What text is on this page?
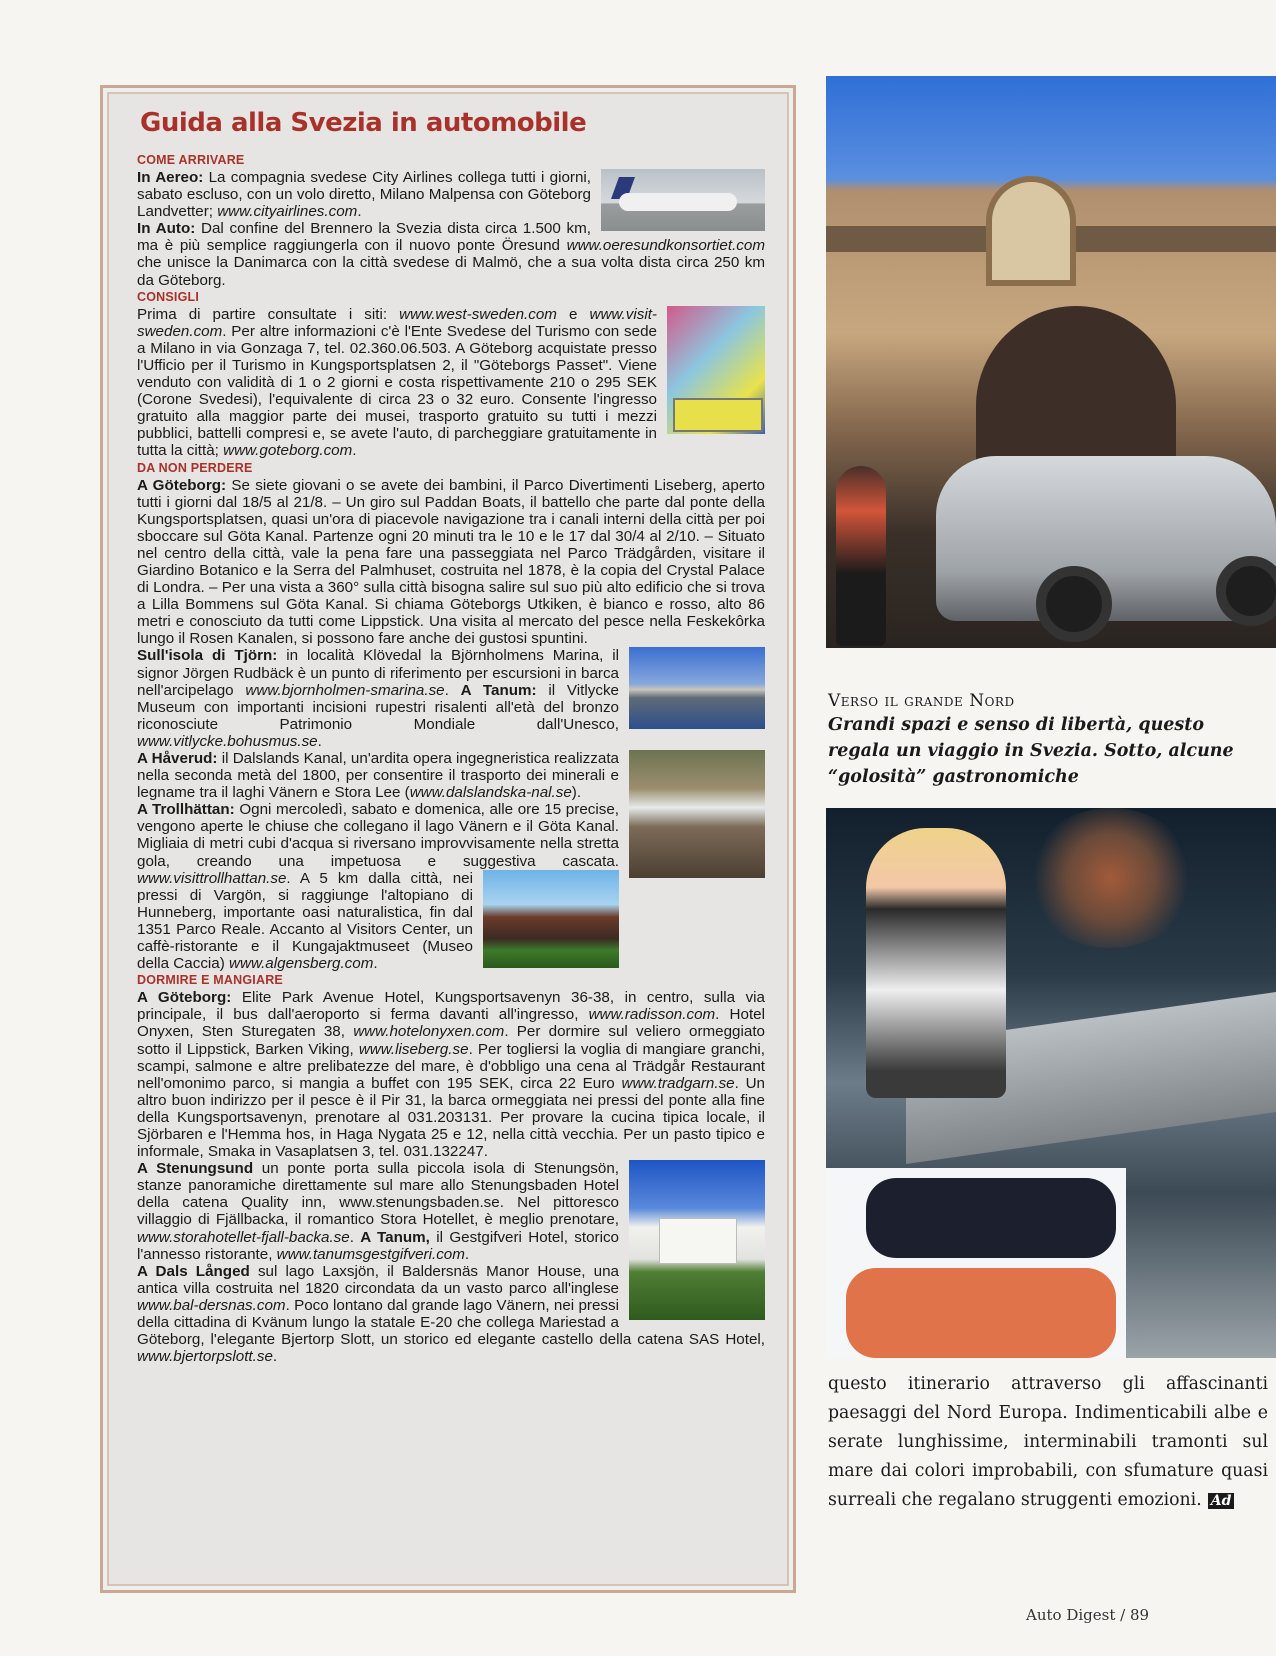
Guida alla Svezia in automobile
COME ARRIVARE

In Aereo: La compagnia svedese City Airlines collega tutti i giorni, sabato escluso, con un volo diretto, Milano Malpensa con Göteborg Landvetter; www.cityairlines.com.

In Auto: Dal confine del Brennero la Svezia dista circa 1.500 km, ma è più semplice raggiungerla con il nuovo ponte Öresund www.oeresundkonsortiet.com che unisce la Danimarca con la città svedese di Malmö, che a sua volta dista circa 250 km da Göteborg.

CONSIGLI

Prima di partire consultate i siti: www.west-sweden.com e www.visit-sweden.com. Per altre informazioni c'è l'Ente Svedese del Turismo con sede a Milano in via Gonzaga 7, tel. 02.360.06.503. A Göteborg acquistate presso l'Ufficio per il Turismo in Kungsportsplatsen 2, il "Göteborgs Passet". Viene venduto con validità di 1 o 2 giorni e costa rispettivamente 210 o 295 SEK (Corone Svedesi), l'equivalente di circa 23 o 32 euro. Consente l'ingresso gratuito alla maggior parte dei musei, trasporto gratuito su tutti i mezzi pubblici, battelli compresi e, se avete l'auto, di parcheggiare gratuitamente in tutta la città; www.goteborg.com.

DA NON PERDERE

A Göteborg: Se siete giovani o se avete dei bambini, il Parco Divertimenti Liseberg, aperto tutti i giorni dal 18/5 al 21/8. – Un giro sul Paddan Boats, il battello che parte dal ponte della Kungsportsplatsen, quasi un'ora di piacevole navigazione tra i canali interni della città per poi sboccare sul Göta Kanal. Partenze ogni 20 minuti tra le 10 e le 17 dal 30/4 al 2/10. – Situato nel centro della città, vale la pena fare una passeggiata nel Parco Trädgården, visitare il Giardino Botanico e la Serra del Palmhuset, costruita nel 1878, è la copia del Crystal Palace di Londra. – Per una vista a 360° sulla città bisogna salire sul suo più alto edificio che si trova a Lilla Bommens sul Göta Kanal. Si chiama Göteborgs Utkiken, è bianco e rosso, alto 86 metri e conosciuto da tutti come Lippstick. Una visita al mercato del pesce nella Feskekôrka lungo il Rosen Kanalen, si possono fare anche dei gustosi spuntini.

Sull'isola di Tjörn: in località Klövedal la Björnholmens Marina, il signor Jörgen Rudbäck è un punto di riferimento per escursioni in barca nell'arcipelago www.bjornholmen-smarina.se. A Tanum: il Vitlycke Museum con importanti incisioni rupestri risalenti all'età del bronzo riconosciute Patrimonio Mondiale dall'Unesco, www.vitlycke.bohusmus.se.

A Håverud: il Dalslands Kanal, un'ardita opera ingegneristica realizzata nella seconda metà del 1800, per consentire il trasporto dei minerali e legname tra il laghi Vänern e Stora Lee (www.dalslandska-nal.se).

A Trollhättan: Ogni mercoledì, sabato e domenica, alle ore 15 precise, vengono aperte le chiuse che collegano il lago Vänern e il Göta Kanal. Migliaia di metri cubi d'acqua si riversano improvvisamente nella stretta gola, creando una impetuosa e suggestiva cascata. www.visittrollhattan.se
. A 5 km dalla città, nei pressi di Vargön, si raggiunge l'altopiano di Hunneberg, importante oasi naturalistica, fin dal 1351 Parco Reale. Accanto al Visitors Center, un caffè-ristorante e il Kungajaktmuseet (Museo della Caccia) www.algensberg.com.

DORMIRE E MANGIARE

A Göteborg: Elite Park Avenue Hotel, Kungsportsavenyn 36-38, in centro, sulla via principale, il bus dall'aeroporto si ferma davanti all'ingresso, www.radisson.com. Hotel Onyxen, Sten Sturegaten 38, www.hotelonyxen.com. Per dormire sul veliero ormeggiato sotto il Lippstick, Barken Viking, www.liseberg.se. Per togliersi la voglia di mangiare granchi, scampi, salmone e altre prelibatezze del mare, è d'obbligo una cena al Trädgår Restaurant nell'omonimo parco, si mangia a buffet con 195 SEK, circa 22 Euro www.tradgarn.se. Un altro buon indirizzo per il pesce è il Pir 31, la barca ormeggiata nei pressi del ponte alla fine della Kungsportsavenyn, prenotare al 031.203131. Per provare la cucina tipica locale, il Sjörbaren e l'Hemma hos, in Haga Nygata 25 e 12, nella città vecchia. Per un pasto tipico e informale, Smaka in Vasaplatsen 3, tel. 031.132247.

A Stenungsund un ponte porta sulla piccola isola di Stenungsön, stanze panoramiche direttamente sul mare allo Stenungsbaden Hotel della catena Quality inn, www.stenungsbaden.se. Nel pittoresco villaggio di Fjällbacka, il romantico Stora Hotellet, è meglio prenotare, www.storahotellet-fjall-backa.se. A Tanum, il Gestgifveri Hotel, storico l'annesso ristorante, www.tanumsgestgifveri.com.

A Dals Långed sul lago Laxsjön, il Baldersnäs Manor House, una antica villa costruita nel 1820 circondata da un vasto parco all'inglese www.bal-dersnas.com. Poco lontano dal grande lago Vänern, nei pressi della cittadina di Kvänum lungo la statale E-20 che collega Mariestad a Göteborg, l'elegante Bjertorp Slott, un storico ed elegante castello della catena SAS Hotel, www.bjertorpslott.se.

Verso il grande Nord
Grandi spazi e senso di libertà, questo regala un viaggio in Svezia. Sotto, alcune “golosità” gastronomiche
questo itinerario attraverso gli affascinanti paesaggi del Nord Europa. Indimenticabili albe e serate lunghissime, interminabili tramonti sul mare dai colori improbabili, con sfumature quasi surreali che regalano struggenti emozioni. Ad
Auto Digest / 89
